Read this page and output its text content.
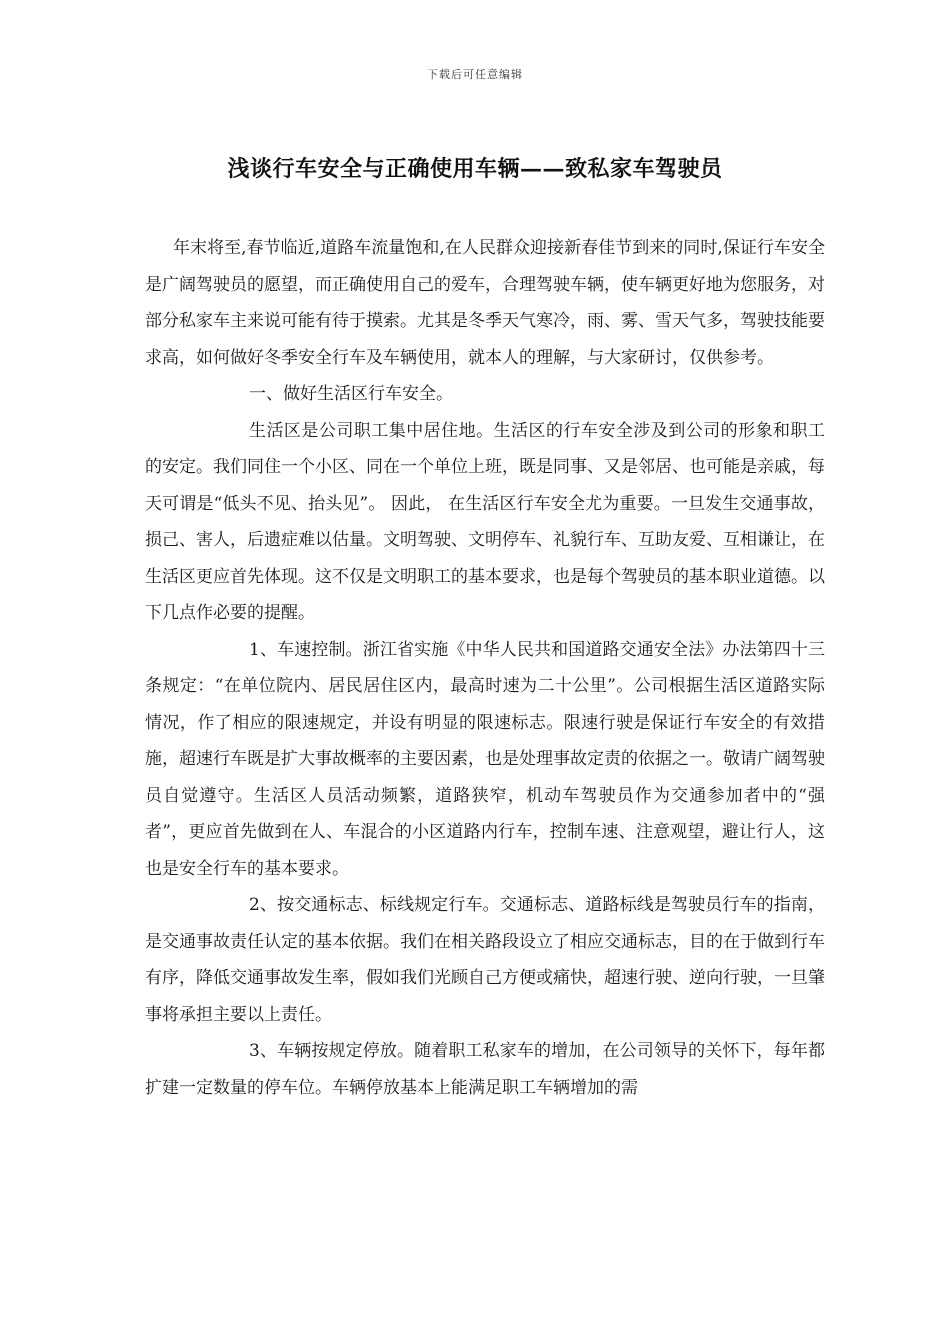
下载后可任意编辑
浅谈行车安全与正确使用车辆——致私家车驾驶员

年末将至,春节临近,道路车流量饱和,在人民群众迎接新春佳节到来的同时,保证行车安全是广阔驾驶员的愿望，而正确使用自己的爱车，合理驾驶车辆，使车辆更好地为您服务，对部分私家车主来说可能有待于摸索。尤其是冬季天气寒冷，雨、雾、雪天气多，驾驶技能要求高，如何做好冬季安全行车及车辆使用，就本人的理解，与大家研讨，仅供参考。

一、做好生活区行车安全。

生活区是公司职工集中居住地。生活区的行车安全涉及到公司的形象和职工的安定。我们同住一个小区、同在一个单位上班，既是同事、又是邻居、也可能是亲戚，每天可谓是“低头不见、抬头见”。 因此， 在生活区行车安全尤为重要。一旦发生交通事故，损己、害人，后遗症难以估量。文明驾驶、文明停车、礼貌行车、互助友爱、互相谦让，在生活区更应首先体现。这不仅是文明职工的基本要求，也是每个驾驶员的基本职业道德。以下几点作必要的提醒。

1、车速控制。浙江省实施《中华人民共和国道路交通安全法》办法第四十三条规定：“在单位院内、居民居住区内，最高时速为二十公里”。公司根据生活区道路实际情况，作了相应的限速规定，并设有明显的限速标志。限速行驶是保证行车安全的有效措施，超速行车既是扩大事故概率的主要因素，也是处理事故定责的依据之一。敬请广阔驾驶员自觉遵守。生活区人员活动频繁，道路狭窄，机动车驾驶员作为交通参加者中的“强者”，更应首先做到在人、车混合的小区道路内行车，控制车速、注意观望，避让行人，这也是安全行车的基本要求。

2、按交通标志、标线规定行车。交通标志、道路标线是驾驶员行车的指南，是交通事故责任认定的基本依据。我们在相关路段设立了相应交通标志，目的在于做到行车有序，降低交通事故发生率，假如我们光顾自己方便或痛快，超速行驶、逆向行驶，一旦肇事将承担主要以上责任。

3、车辆按规定停放。随着职工私家车的增加，在公司领导的关怀下，每年都扩建一定数量的停车位。车辆停放基本上能满足职工车辆增加的需
